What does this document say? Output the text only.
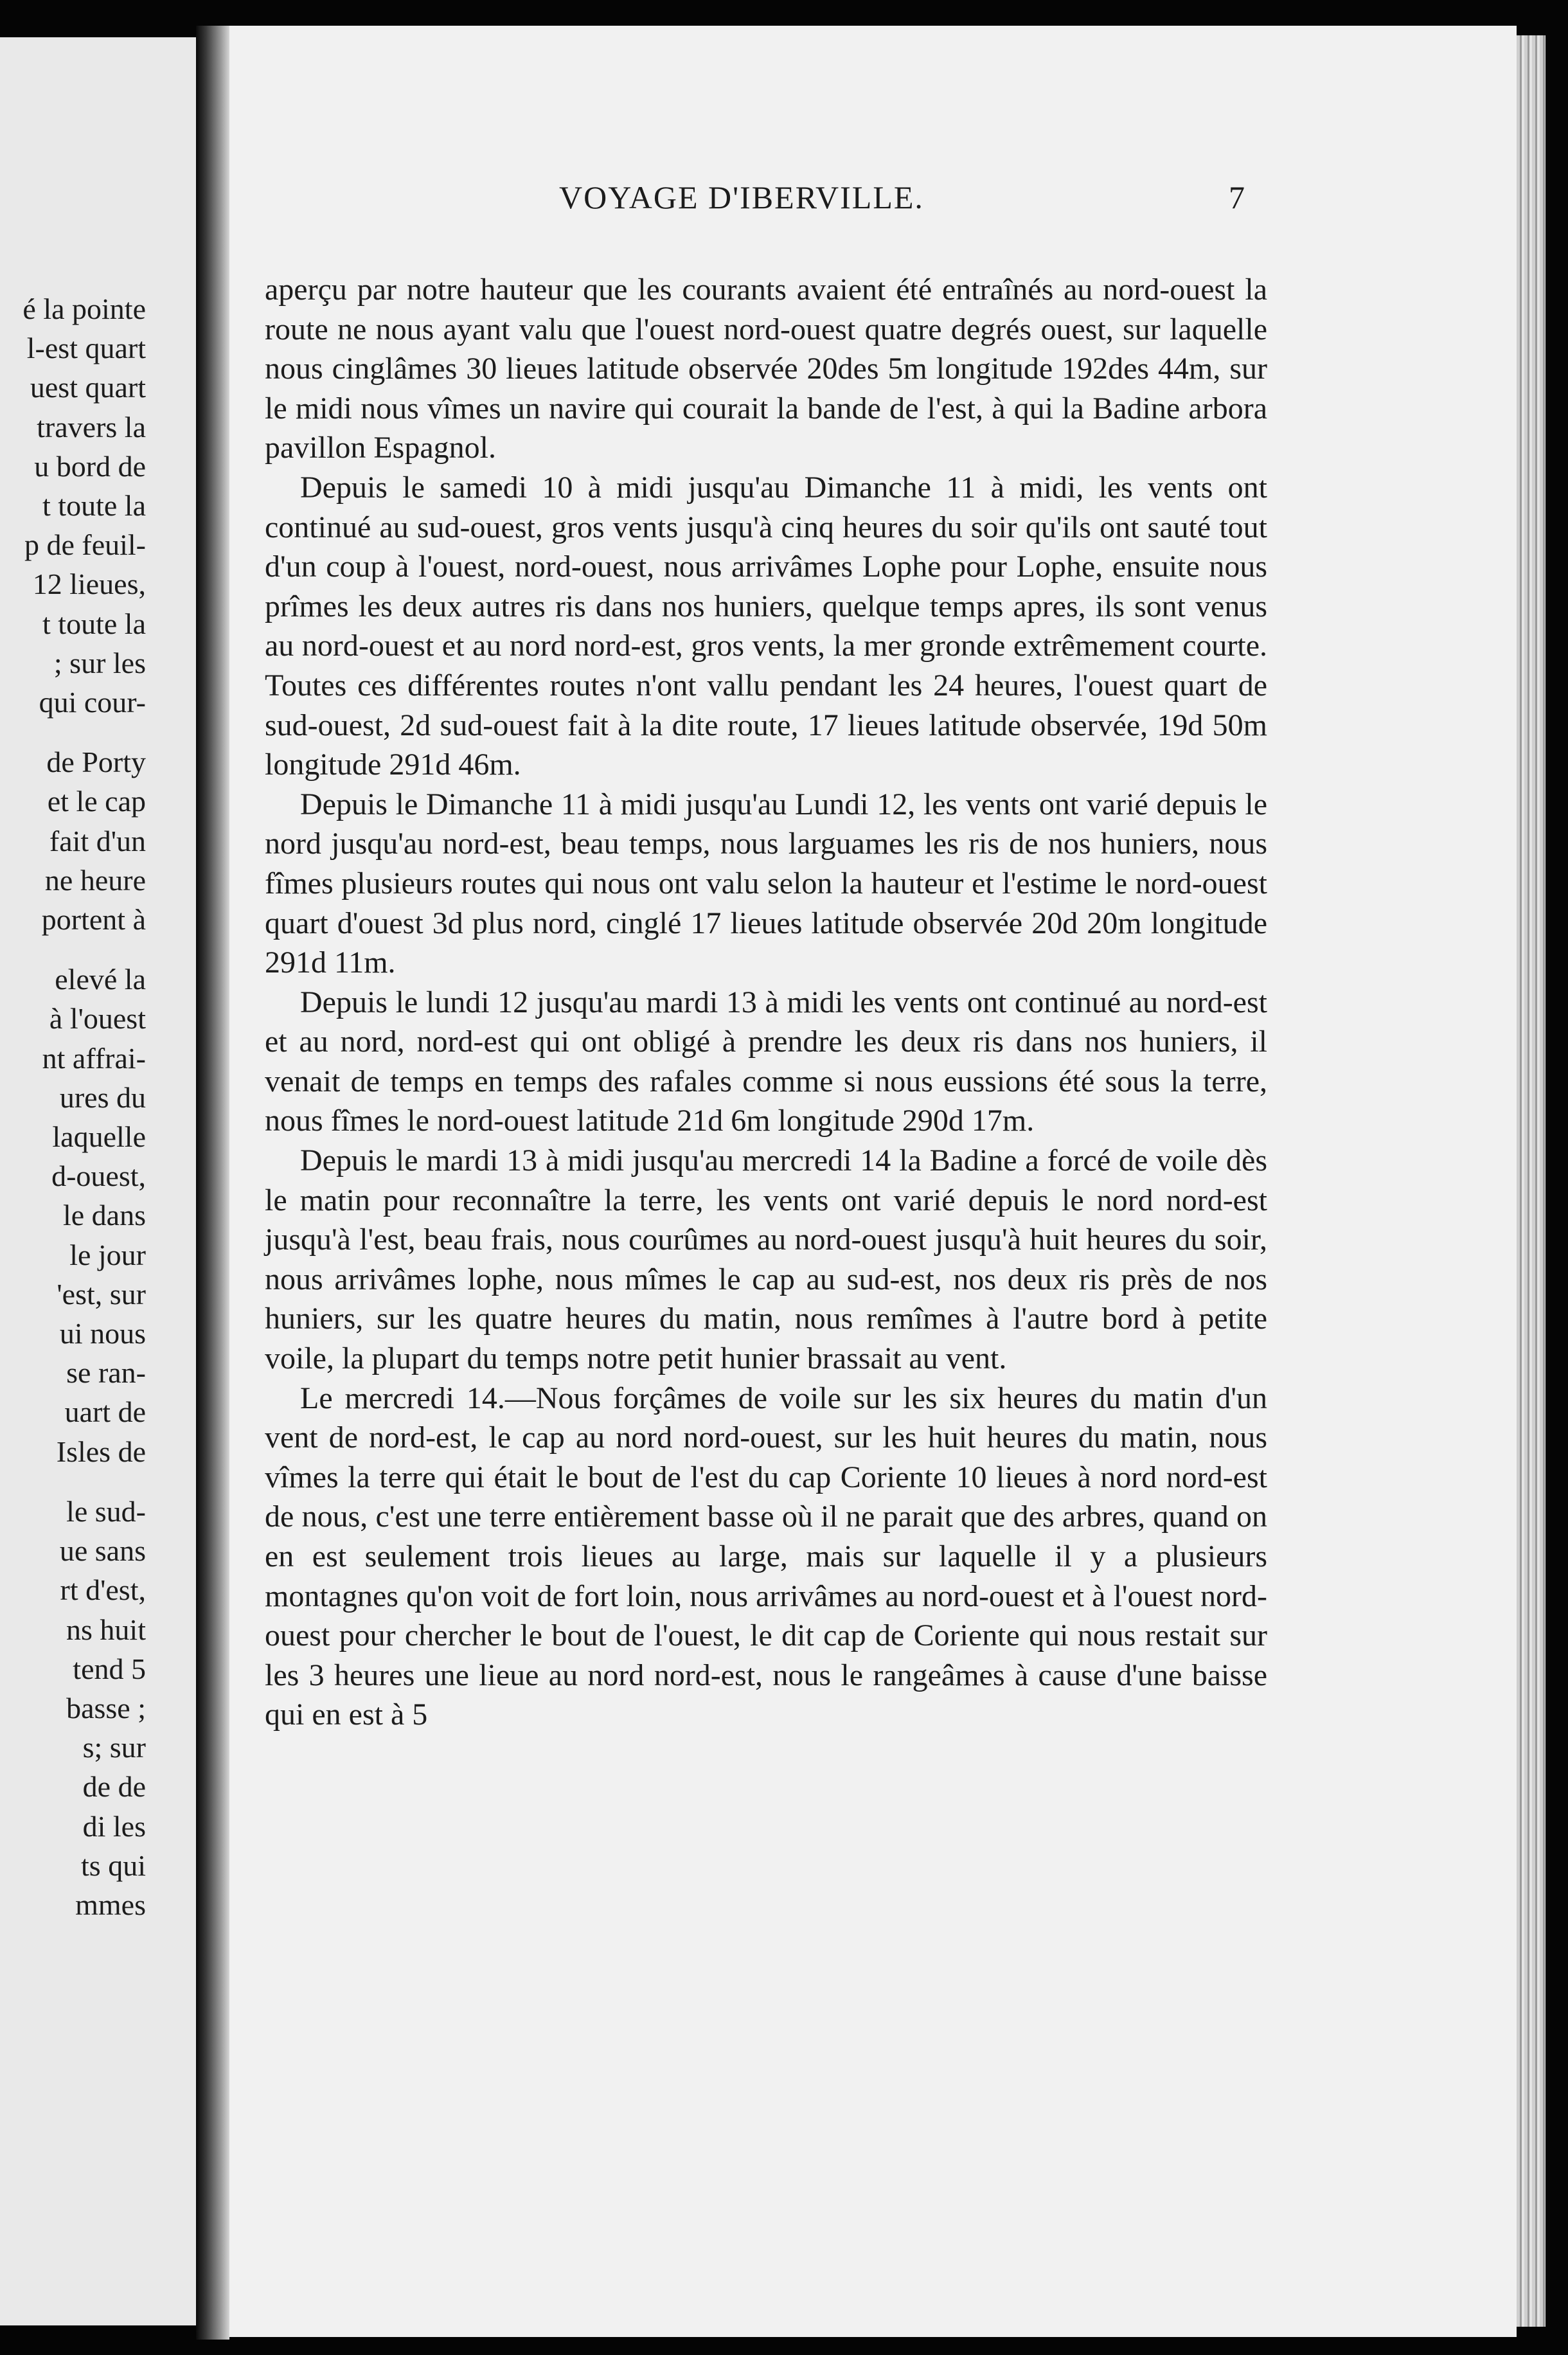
é la pointe
l-est quart
uest quart
travers la
u bord de
t toute la
p de feuil-
12 lieues,
t toute la
; sur les
qui cour-
de Porty
et le cap
fait d'un
ne heure
portent à
elevé la
à l'ouest
nt affrai-
ures du
laquelle
d-ouest,
le dans
le jour
'est, sur
ui nous
se ran-
uart de
Isles de
le sud-
ue sans
rt d'est,
ns huit
tend 5
basse ;
s; sur
de de
di les
ts qui
mmes
VOYAGE D'IBERVILLE.	7

aperçu par notre hauteur que les courants avaient été entraînés au nord-ouest la route ne nous ayant valu que l'ouest nord-ouest quatre degrés ouest, sur laquelle nous cinglâmes 30 lieues latitude observée 20des 5m longitude 192des 44m, sur le midi nous vîmes un navire qui courait la bande de l'est, à qui la Badine arbora pavillon Espagnol.

Depuis le samedi 10 à midi jusqu'au Dimanche 11 à midi, les vents ont continué au sud-ouest, gros vents jusqu'à cinq heures du soir qu'ils ont sauté tout d'un coup à l'ouest, nord-ouest, nous arrivâmes Lophe pour Lophe, ensuite nous prîmes les deux autres ris dans nos huniers, quelque temps apres, ils sont venus au nord-ouest et au nord nord-est, gros vents, la mer gronde extrêmement courte. Toutes ces différentes routes n'ont vallu pendant les 24 heures, l'ouest quart de sud-ouest, 2d sud-ouest fait à la dite route, 17 lieues latitude observée, 19d 50m longitude 291d 46m.

Depuis le Dimanche 11 à midi jusqu'au Lundi 12, les vents ont varié depuis le nord jusqu'au nord-est, beau temps, nous larguames les ris de nos huniers, nous fîmes plusieurs routes qui nous ont valu selon la hauteur et l'estime le nord-ouest quart d'ouest 3d plus nord, cinglé 17 lieues latitude observée 20d 20m longitude 291d 11m.

Depuis le lundi 12 jusqu'au mardi 13 à midi les vents ont continué au nord-est et au nord, nord-est qui ont obligé à prendre les deux ris dans nos huniers, il venait de temps en temps des rafales comme si nous eussions été sous la terre, nous fîmes le nord-ouest latitude 21d 6m longitude 290d 17m.

Depuis le mardi 13 à midi jusqu'au mercredi 14 la Badine a forcé de voile dès le matin pour reconnaître la terre, les vents ont varié depuis le nord nord-est jusqu'à l'est, beau frais, nous courûmes au nord-ouest jusqu'à huit heures du soir, nous arrivâmes lophe, nous mîmes le cap au sud-est, nos deux ris près de nos huniers, sur les quatre heures du matin, nous remîmes à l'autre bord à petite voile, la plupart du temps notre petit hunier brassait au vent.

Le mercredi 14.—Nous forçâmes de voile sur les six heures du matin d'un vent de nord-est, le cap au nord nord-ouest, sur les huit heures du matin, nous vîmes la terre qui était le bout de l'est du cap Coriente 10 lieues à nord nord-est de nous, c'est une terre entièrement basse où il ne parait que des arbres, quand on en est seulement trois lieues au large, mais sur laquelle il y a plusieurs montagnes qu'on voit de fort loin, nous arrivâmes au nord-ouest et à l'ouest nord-ouest pour chercher le bout de l'ouest, le dit cap de Coriente qui nous restait sur les 3 heures une lieue au nord nord-est, nous le rangeâmes à cause d'une baisse qui en est à 5
